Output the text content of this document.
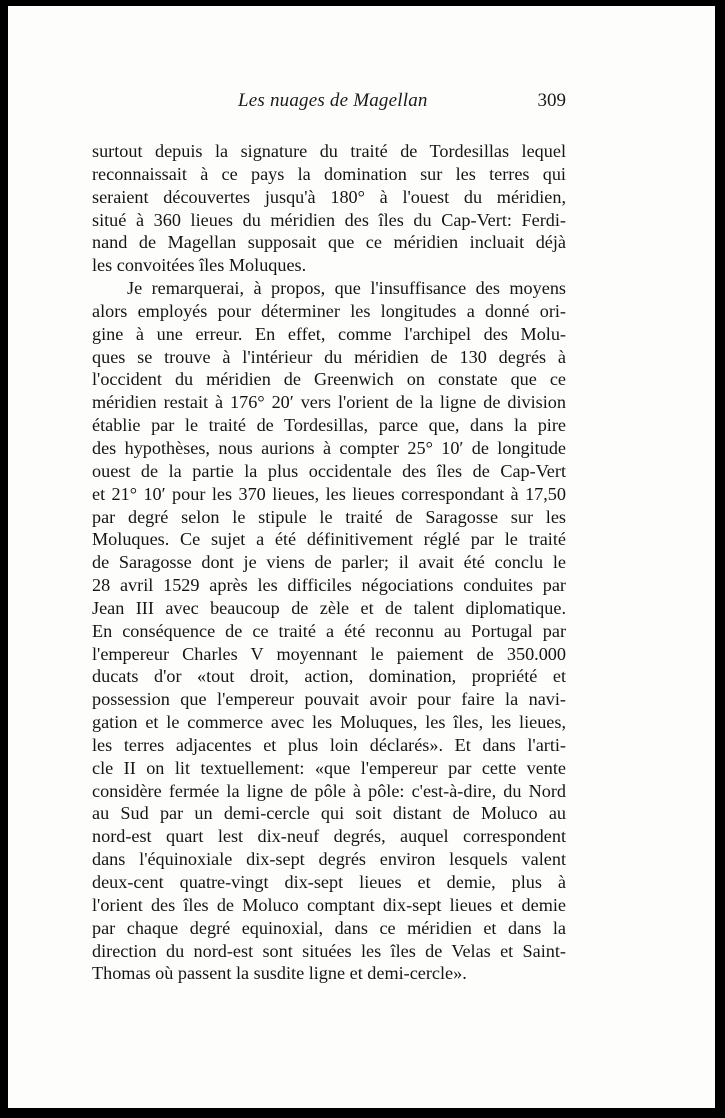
Les nuages de Magellan	309
surtout depuis la signature du traité de Tordesillas lequel
reconnaissait à ce pays la domination sur les terres qui
seraient découvertes jusqu'à 180° à l'ouest du méridien,
situé à 360 lieues du méridien des îles du Cap-Vert: Ferdi-
nand de Magellan supposait que ce méridien incluait déjà
les convoitées îles Moluques.
Je remarquerai, à propos, que l'insuffisance des moyens
alors employés pour déterminer les longitudes a donné ori-
gine à une erreur. En effet, comme l'archipel des Molu-
ques se trouve à l'intérieur du méridien de 130 degrés à
l'occident du méridien de Greenwich on constate que ce
méridien restait à 176° 20′ vers l'orient de la ligne de division
établie par le traité de Tordesillas, parce que, dans la pire
des hypothèses, nous aurions à compter 25° 10′ de longitude
ouest de la partie la plus occidentale des îles de Cap-Vert
et 21° 10′ pour les 370 lieues, les lieues correspondant à 17,50
par degré selon le stipule le traité de Saragosse sur les
Moluques. Ce sujet a été définitivement réglé par le traité
de Saragosse dont je viens de parler; il avait été conclu le
28 avril 1529 après les difficiles négociations conduites par
Jean III avec beaucoup de zèle et de talent diplomatique.
En conséquence de ce traité a été reconnu au Portugal par
l'empereur Charles V moyennant le paiement de 350.000
ducats d'or «tout droit, action, domination, propriété et
possession que l'empereur pouvait avoir pour faire la navi-
gation et le commerce avec les Moluques, les îles, les lieues,
les terres adjacentes et plus loin déclarés». Et dans l'arti-
cle II on lit textuellement: «que l'empereur par cette vente
considère fermée la ligne de pôle à pôle: c'est-à-dire, du Nord
au Sud par un demi-cercle qui soit distant de Moluco au
nord-est quart lest dix-neuf degrés, auquel correspondent
dans l'équinoxiale dix-sept degrés environ lesquels valent
deux-cent quatre-vingt dix-sept lieues et demie, plus à
l'orient des îles de Moluco comptant dix-sept lieues et demie
par chaque degré equinoxial, dans ce méridien et dans la
direction du nord-est sont situées les îles de Velas et Saint-
Thomas où passent la susdite ligne et demi-cercle».
